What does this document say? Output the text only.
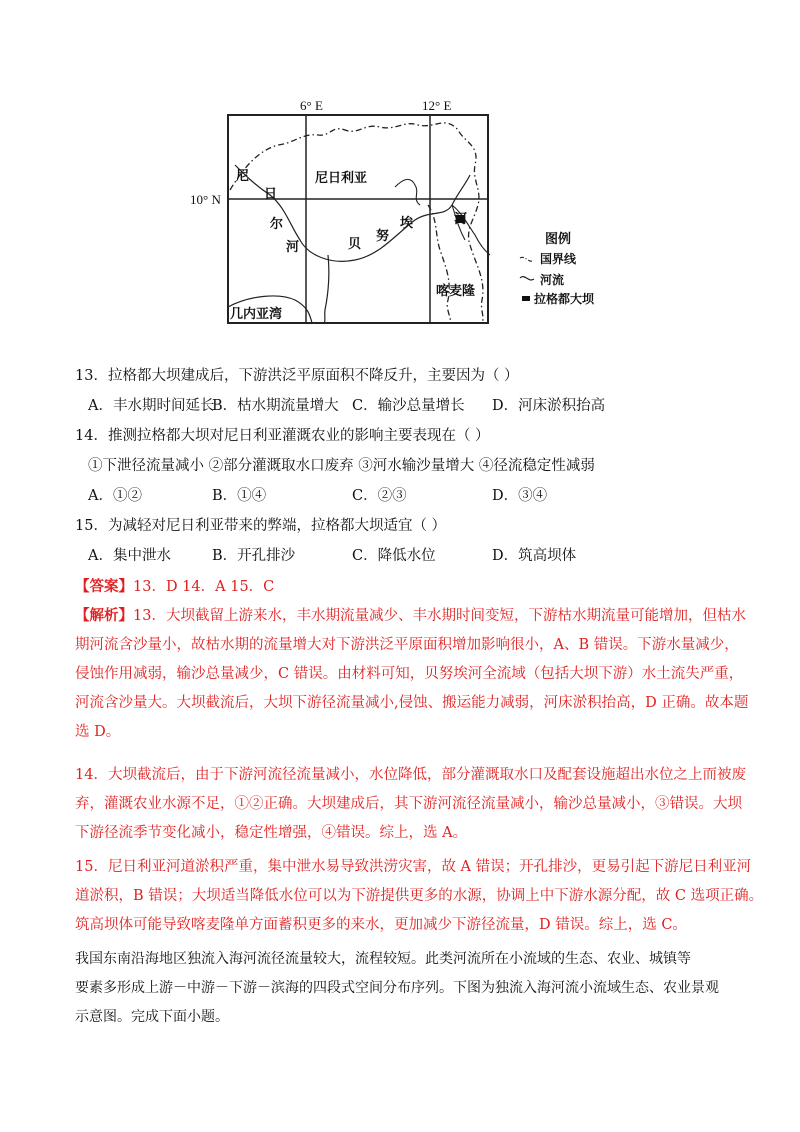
6° E	12° E
10° N
尼
日
尔
河
尼日利亚
贝
努
埃	河
喀麦隆
几内亚湾
图例
国界线
河流
拉格都大坝
13．拉格都大坝建成后，下游洪泛平原面积不降反升，主要因为（ ）
A．丰水期时间延长
B．枯水期流量增大 C．输沙总量增长 D．河床淤积抬高
14．推测拉格都大坝对尼日利亚灌溉农业的影响主要表现在（ ）
①下泄径流量减小 ②部分灌溉取水口废弃 ③河水输沙量增大 ④径流稳定性减弱
A．①②	B．①④	C．②③	D．③④
15．为减轻对尼日利亚带来的弊端，拉格都大坝适宜（ ）
A．集中泄水	B．开孔排沙	C．降低水位	D．筑高坝体
【答案】13．D 14．A 15．C
【解析】13．大坝截留上游来水，丰水期流量减少、丰水期时间变短，下游枯水期流量可能增加，但枯水
期河流含沙量小，故枯水期的流量增大对下游洪泛平原面积增加影响很小，A、B 错误。下游水量减少，
侵蚀作用减弱，输沙总量减少，C 错误。由材料可知，贝努埃河全流域（包括大坝下游）水土流失严重，
河流含沙量大。大坝截流后，大坝下游径流量减小,侵蚀、搬运能力减弱，河床淤积抬高，D 正确。故本题
选 D。
14．大坝截流后，由于下游河流径流量减小，水位降低，部分灌溉取水口及配套设施超出水位之上而被废
弃，灌溉农业水源不足，①②正确。大坝建成后，其下游河流径流量减小，输沙总量减小，③错误。大坝
下游径流季节变化减小，稳定性增强，④错误。综上，选 A。
15．尼日利亚河道淤积严重，集中泄水易导致洪涝灾害，故 A 错误；开孔排沙，更易引起下游尼日利亚河
道淤积，B 错误；大坝适当降低水位可以为下游提供更多的水源，协调上中下游水源分配，故 C 选项正确。
筑高坝体可能导致喀麦隆单方面蓄积更多的来水，更加减少下游径流量，D 错误。综上，选 C。
我国东南沿海地区独流入海河流径流量较大，流程较短。此类河流所在小流域的生态、农业、城镇等
要素多形成上游－中游－下游－滨海的四段式空间分布序列。下图为独流入海河流小流域生态、农业景观
示意图。完成下面小题。
